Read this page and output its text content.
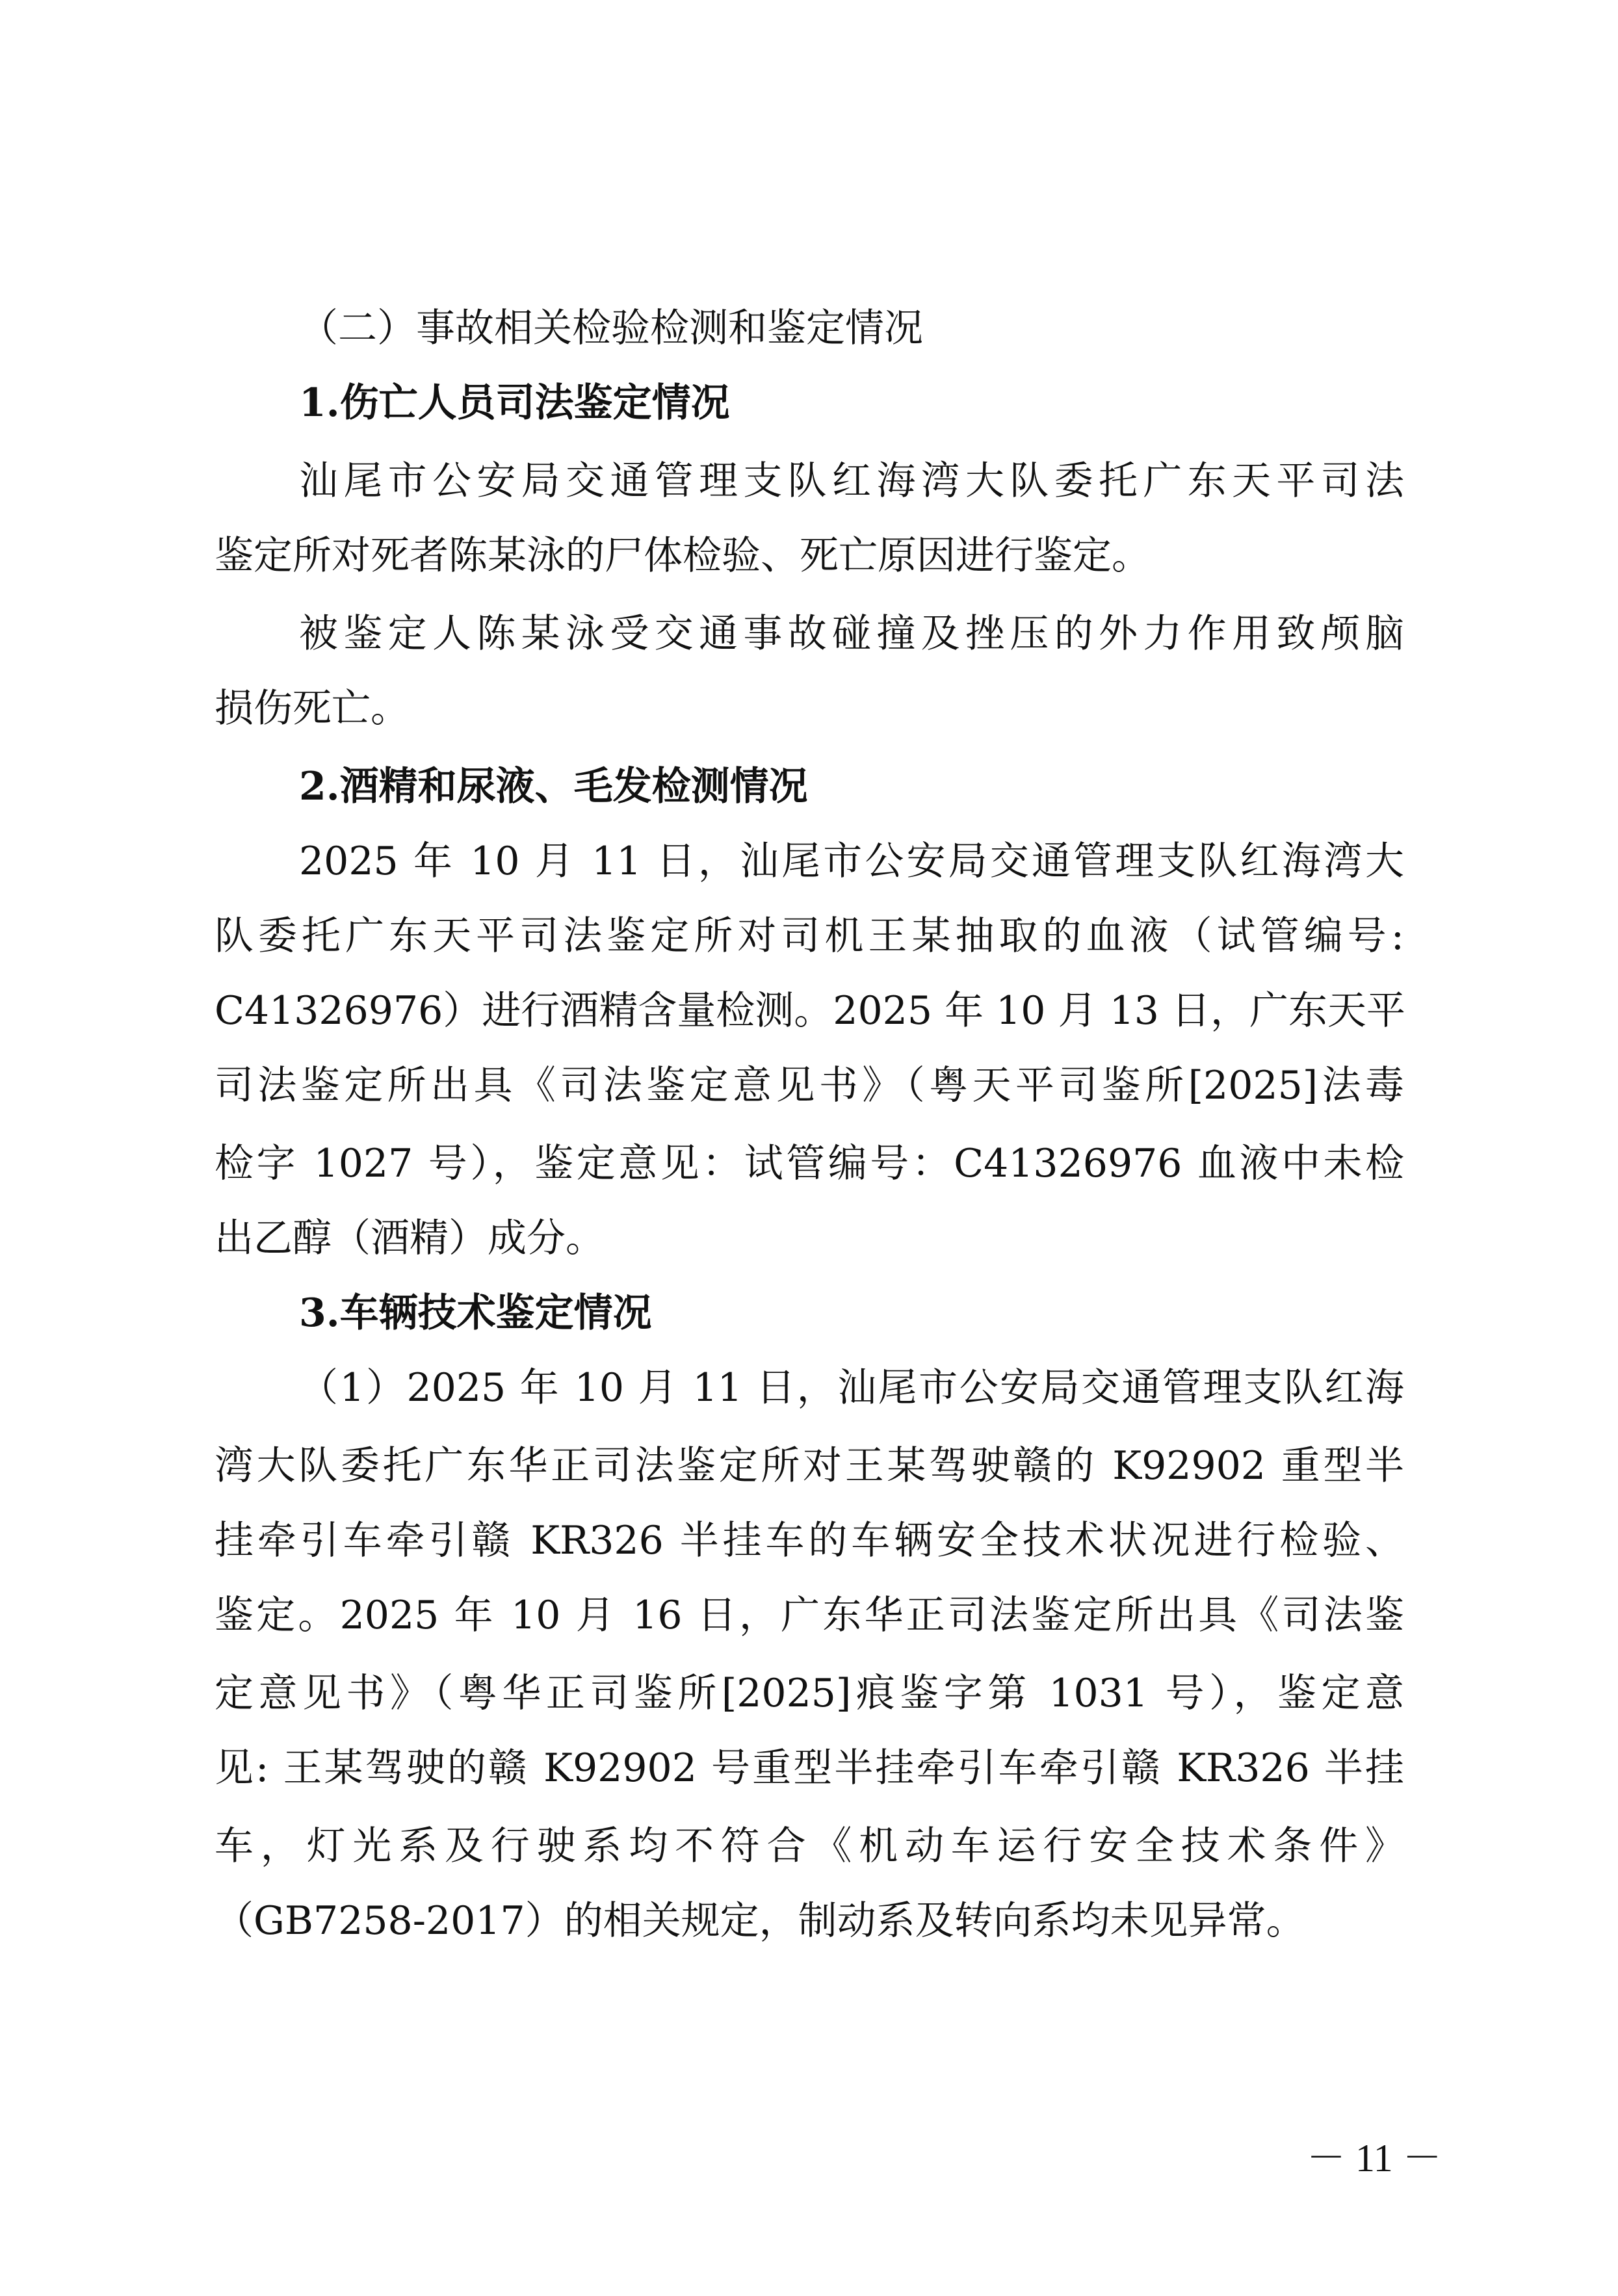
（二）事故相关检验检测和鉴定情况
1.伤亡人员司法鉴定情况
汕尾市公安局交通管理支队红海湾大队委托广东天平司法
鉴定所对死者陈某泳的尸体检验、死亡原因进行鉴定。
被鉴定人陈某泳受交通事故碰撞及挫压的外力作用致颅脑
损伤死亡。
2.酒精和尿液、毛发检测情况
2025 年 10 月 11 日，汕尾市公安局交通管理支队红海湾大
队委托广东天平司法鉴定所对司机王某抽取的血液（试管编号:
C41326976）进行酒精含量检测。2025 年 10 月 13 日，广东天平
司法鉴定所出具《司法鉴定意见书》（粤天平司鉴所[2025]法毒
检字 1027 号），鉴定意见：试管编号：C41326976 血液中未检
出乙醇（酒精）成分。
3.车辆技术鉴定情况
（1）2025 年 10 月 11 日，汕尾市公安局交通管理支队红海
湾大队委托广东华正司法鉴定所对王某驾驶赣的 K92902 重型半
挂牵引车牵引赣 KR326 半挂车的车辆安全技术状况进行检验、
鉴定。2025 年 10 月 16 日，广东华正司法鉴定所出具《司法鉴
定意见书》（粤华正司鉴所[2025]痕鉴字第 1031 号），鉴定意
见: 王某驾驶的赣 K92902 号重型半挂牵引车牵引赣 KR326 半挂
车，灯光系及行驶系均不符合《机动车运行安全技术条件》
（GB7258-2017）的相关规定，制动系及转向系均未见异常。
－ 11 －
